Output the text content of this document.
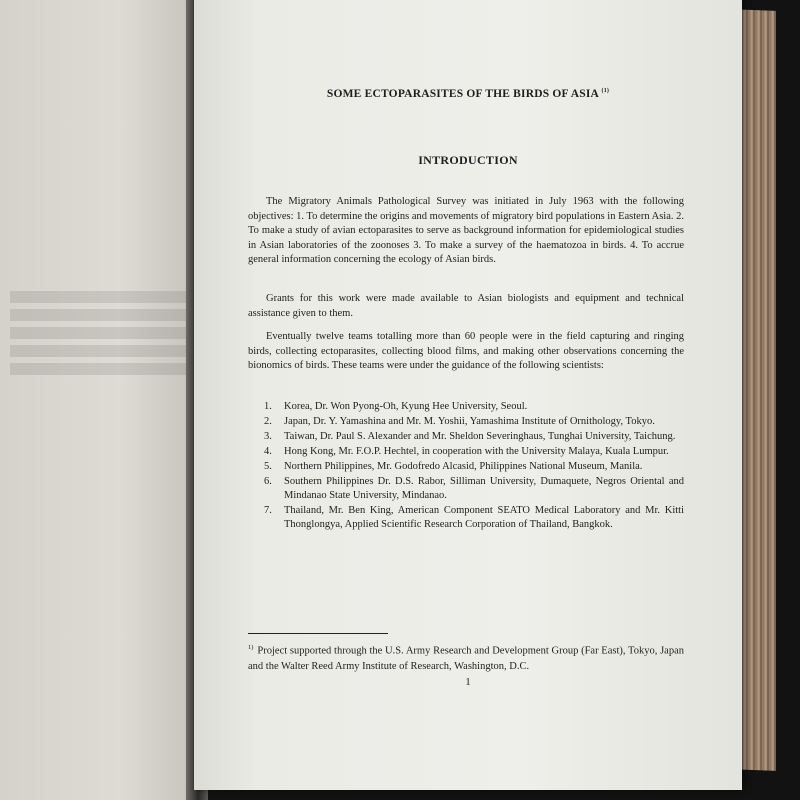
SOME ECTOPARASITES OF THE BIRDS OF ASIA $^{(1)}$
INTRODUCTION
The Migratory Animals Pathological Survey was initiated in July 1963 with the following objectives: 1. To determine the origins and movements of migratory bird populations in Eastern Asia. 2. To make a study of avian ectoparasites to serve as background information for epidemiological studies in Asian laboratories of the zoonoses 3. To make a survey of the haematozoa in birds. 4. To accrue general information concerning the ecology of Asian birds.
Grants for this work were made available to Asian biologists and equipment and technical assistance given to them.
Eventually twelve teams totalling more than 60 people were in the field capturing and ringing birds, collecting ectoparasites, collecting blood films, and making other observations concerning the bionomics of birds. These teams were under the guidance of the following scientists:
1. Korea, Dr. Won Pyong-Oh, Kyung Hee University, Seoul.
2. Japan, Dr. Y. Yamashina and Mr. M. Yoshii, Yamashima Institute of Ornithology, Tokyo.
3. Taiwan, Dr. Paul S. Alexander and Mr. Sheldon Severinghaus, Tunghai University, Taichung.
4. Hong Kong, Mr. F.O.P. Hechtel, in cooperation with the University Malaya, Kuala Lumpur.
5. Northern Philippines, Mr. Godofredo Alcasid, Philippines National Museum, Manila.
6. Southern Philippines Dr. D.S. Rabor, Silliman University, Dumaquete, Negros Oriental and Mindanao State University, Mindanao.
7. Thailand, Mr. Ben King, American Component SEATO Medical Laboratory and Mr. Kitti Thonglongya, Applied Scientific Research Corporation of Thailand, Bangkok.
$^{1)}$ Project supported through the U.S. Army Research and Development Group (Far East), Tokyo, Japan and the Walter Reed Army Institute of Research, Washington, D.C.
1
